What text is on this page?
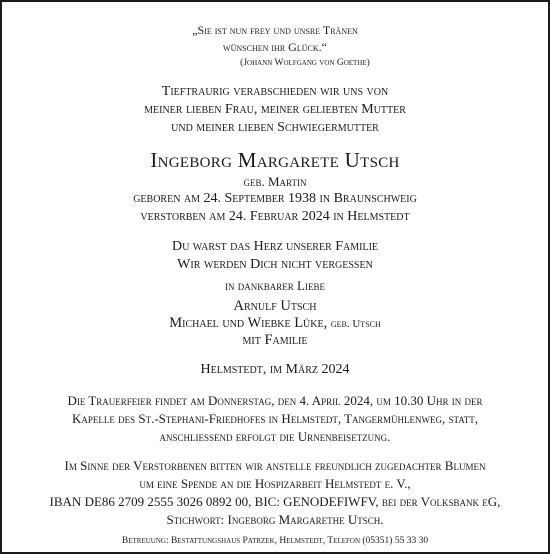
„Sie ist nun frey und unsre Tränen
wünschen ihr Glück.“
(Johann Wolfgang von Goethe)
Tieftraurig verabschieden wir uns von
meiner lieben Frau, meiner geliebten Mutter
und meiner lieben Schwiegermutter
Ingeborg Margarete Utsch
geb. Martin
geboren am 24. September 1938 in Braunschweig
verstorben am 24. Februar 2024 in Helmstedt
Du warst das Herz unserer Familie
Wir werden Dich nicht vergessen
in dankbarer Liebe
Arnulf Utsch
Michael und Wiebke Lüke, geb. Utsch
mit Familie
Helmstedt, im März 2024
Die Trauerfeier findet am Donnerstag, den 4. April 2024, um 10.30 Uhr in der
Kapelle des St.-Stephani-Friedhofes in Helmstedt, Tangermühlenweg, statt,
anschließend erfolgt die Urnenbeisetzung.
Im Sinne der Verstorbenen bitten wir anstelle freundlich zugedachter Blumen
um eine Spende an die Hospizarbeit Helmstedt e. V.,
IBAN DE86 2709 2555 3026 0892 00, BIC: GENODEFIWFV, bei der Volksbank eG,
Stichwort: Ingeborg Margarethe Utsch.
Betreuung: Bestattungshaus Patrzek, Helmstedt, Telefon (05351) 55 33 30
